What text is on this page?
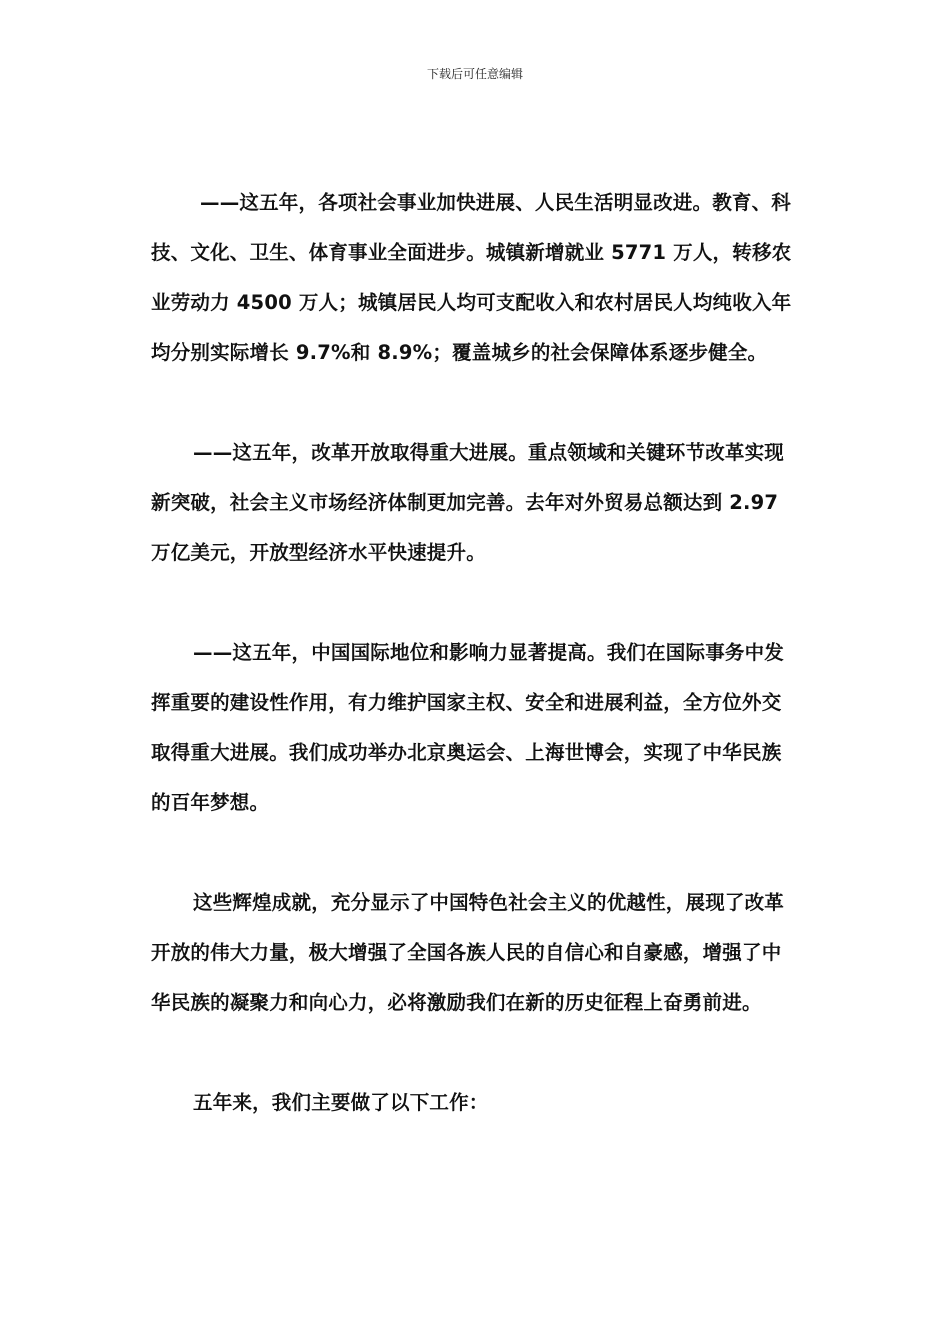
下载后可任意编辑

——这五年，各项社会事业加快进展、人民生活明显改进。教育、科技、文化、卫生、体育事业全面进步。城镇新增就业 5771 万人，转移农业劳动力 4500 万人；城镇居民人均可支配收入和农村居民人均纯收入年均分别实际增长 9.7%和 8.9%；覆盖城乡的社会保障体系逐步健全。

——这五年，改革开放取得重大进展。重点领域和关键环节改革实现新突破，社会主义市场经济体制更加完善。去年对外贸易总额达到 2.97 万亿美元，开放型经济水平快速提升。

——这五年，中国国际地位和影响力显著提高。我们在国际事务中发挥重要的建设性作用，有力维护国家主权、安全和进展利益，全方位外交取得重大进展。我们成功举办北京奥运会、上海世博会，实现了中华民族的百年梦想。

这些辉煌成就，充分显示了中国特色社会主义的优越性，展现了改革开放的伟大力量，极大增强了全国各族人民的自信心和自豪感，增强了中华民族的凝聚力和向心力，必将激励我们在新的历史征程上奋勇前进。

五年来，我们主要做了以下工作：
